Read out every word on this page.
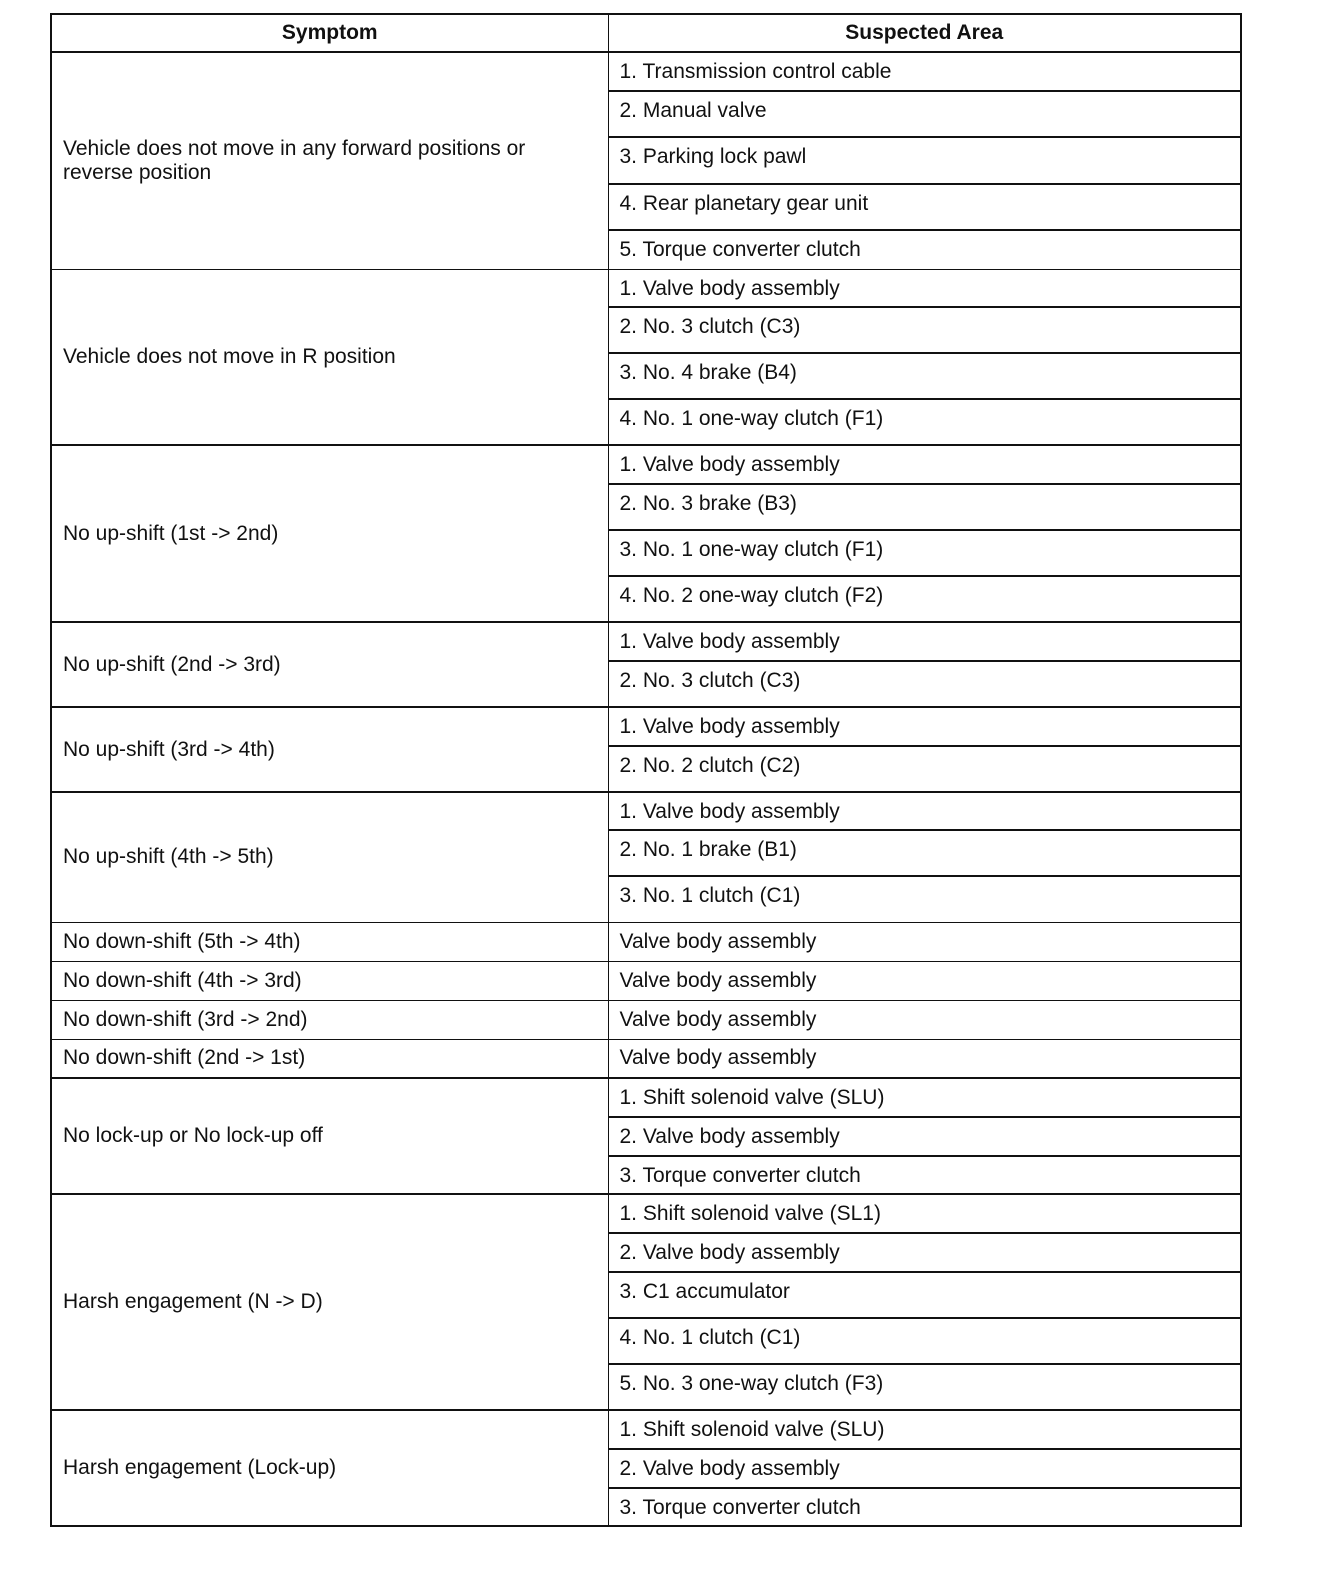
Symptom	Suspected Area
Vehicle does not move in any forward positions or reverse position	1. Transmission control cable
	2. Manual valve
	3. Parking lock pawl
	4. Rear planetary gear unit
	5. Torque converter clutch
Vehicle does not move in R position	1. Valve body assembly
	2. No. 3 clutch (C3)
	3. No. 4 brake (B4)
	4. No. 1 one-way clutch (F1)
No up-shift (1st -> 2nd)	1. Valve body assembly
	2. No. 3 brake (B3)
	3. No. 1 one-way clutch (F1)
	4. No. 2 one-way clutch (F2)
No up-shift (2nd -> 3rd)	1. Valve body assembly
	2. No. 3 clutch (C3)
No up-shift (3rd -> 4th)	1. Valve body assembly
	2. No. 2 clutch (C2)
No up-shift (4th -> 5th)	1. Valve body assembly
	2. No. 1 brake (B1)
	3. No. 1 clutch (C1)
No down-shift (5th -> 4th)	Valve body assembly
No down-shift (4th -> 3rd)	Valve body assembly
No down-shift (3rd -> 2nd)	Valve body assembly
No down-shift (2nd -> 1st)	Valve body assembly
No lock-up or No lock-up off	1. Shift solenoid valve (SLU)
	2. Valve body assembly
	3. Torque converter clutch
Harsh engagement (N -> D)	1. Shift solenoid valve (SL1)
	2. Valve body assembly
	3. C1 accumulator
	4. No. 1 clutch (C1)
	5. No. 3 one-way clutch (F3)
Harsh engagement (Lock-up)	1. Shift solenoid valve (SLU)
	2. Valve body assembly
	3. Torque converter clutch
